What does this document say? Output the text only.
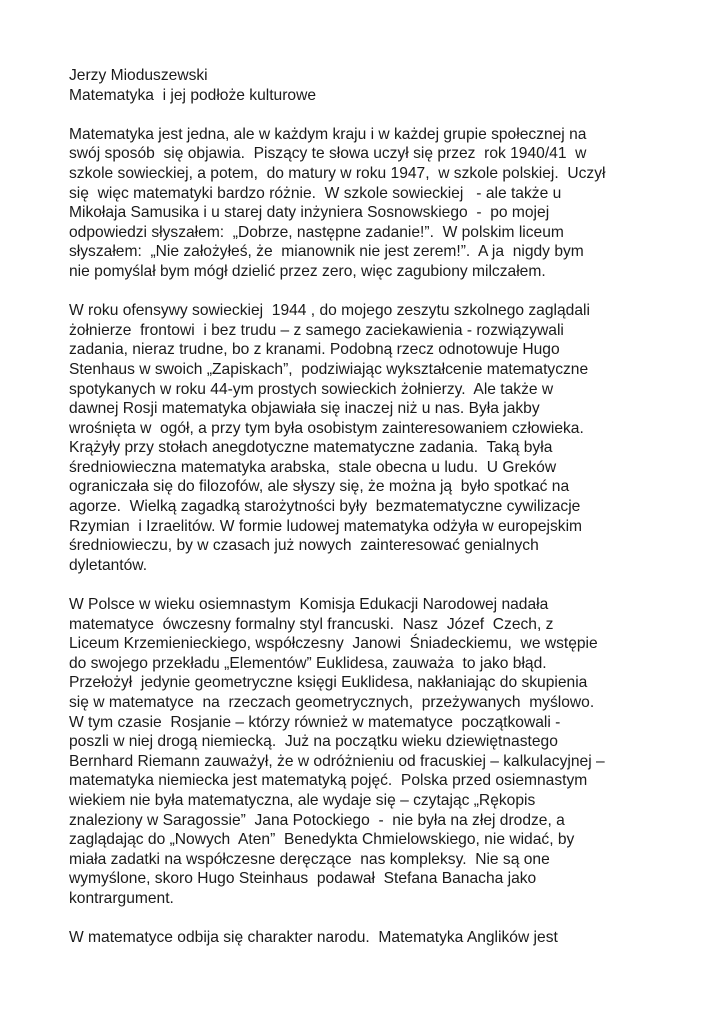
Jerzy Mioduszewski
Matematyka  i jej podłoże kulturowe
Matematyka jest jedna, ale w każdym kraju i w każdej grupie społecznej na
swój sposób  się objawia.  Piszący te słowa uczył się przez  rok 1940/41  w
szkole sowieckiej, a potem,  do matury w roku 1947,  w szkole polskiej.  Uczył
się  więc matematyki bardzo różnie.  W szkole sowieckiej   - ale także u
Mikołaja Samusika i u starej daty inżyniera Sosnowskiego  -  po mojej
odpowiedzi słyszałem:  „Dobrze, następne zadanie!”.  W polskim liceum
słyszałem:  „Nie założyłeś, że  mianownik nie jest zerem!”.  A ja  nigdy bym
nie pomyślał bym mógł dzielić przez zero, więc zagubiony milczałem.
W roku ofensywy sowieckiej  1944 , do mojego zeszytu szkolnego zaglądali
żołnierze  frontowi  i bez trudu – z samego zaciekawienia - rozwiązywali
zadania, nieraz trudne, bo z kranami. Podobną rzecz odnotowuje Hugo
Stenhaus w swoich „Zapiskach”,  podziwiając wykształcenie matematyczne
spotykanych w roku 44-ym prostych sowieckich żołnierzy.  Ale także w
dawnej Rosji matematyka objawiała się inaczej niż u nas. Była jakby
wrośnięta w  ogół, a przy tym była osobistym zainteresowaniem człowieka.
Krążyły przy stołach anegdotyczne matematyczne zadania.  Taką była
średniowieczna matematyka arabska,  stale obecna u ludu.  U Greków
ograniczała się do filozofów, ale słyszy się, że można ją  było spotkać na
agorze.  Wielką zagadką starożytności były  bezmatematyczne cywilizacje
Rzymian  i Izraelitów. W formie ludowej matematyka odżyła w europejskim
średniowieczu, by w czasach już nowych  zainteresować genialnych
dyletantów.
W Polsce w wieku osiemnastym  Komisja Edukacji Narodowej nadała
matematyce  ówczesny formalny styl francuski.  Nasz  Józef  Czech, z
Liceum Krzemienieckiego, współczesny  Janowi  Śniadeckiemu,  we wstępie
do swojego przekładu „Elementów” Euklidesa, zauważa  to jako błąd.
Przełożył  jedynie geometryczne księgi Euklidesa, nakłaniając do skupienia
się w matematyce  na  rzeczach geometrycznych,  przeżywanych  myślowo.
W tym czasie  Rosjanie – którzy również w matematyce  początkowali -
poszli w niej drogą niemiecką.  Już na początku wieku dziewiętnastego
Bernhard Riemann zauważył, że w odróżnieniu od fracuskiej – kalkulacyjnej –
matematyka niemiecka jest matematyką pojęć.  Polska przed osiemnastym
wiekiem nie była matematyczna, ale wydaje się – czytając „Rękopis
znaleziony w Saragossie”  Jana Potockiego  -  nie była na złej drodze, a
zaglądając do „Nowych  Aten”  Benedykta Chmielowskiego, nie widać, by
miała zadatki na współczesne deręczące  nas kompleksy.  Nie są one
wymyślone, skoro Hugo Steinhaus  podawał  Stefana Banacha jako
kontrargument.
W matematyce odbija się charakter narodu.  Matematyka Anglików jest
